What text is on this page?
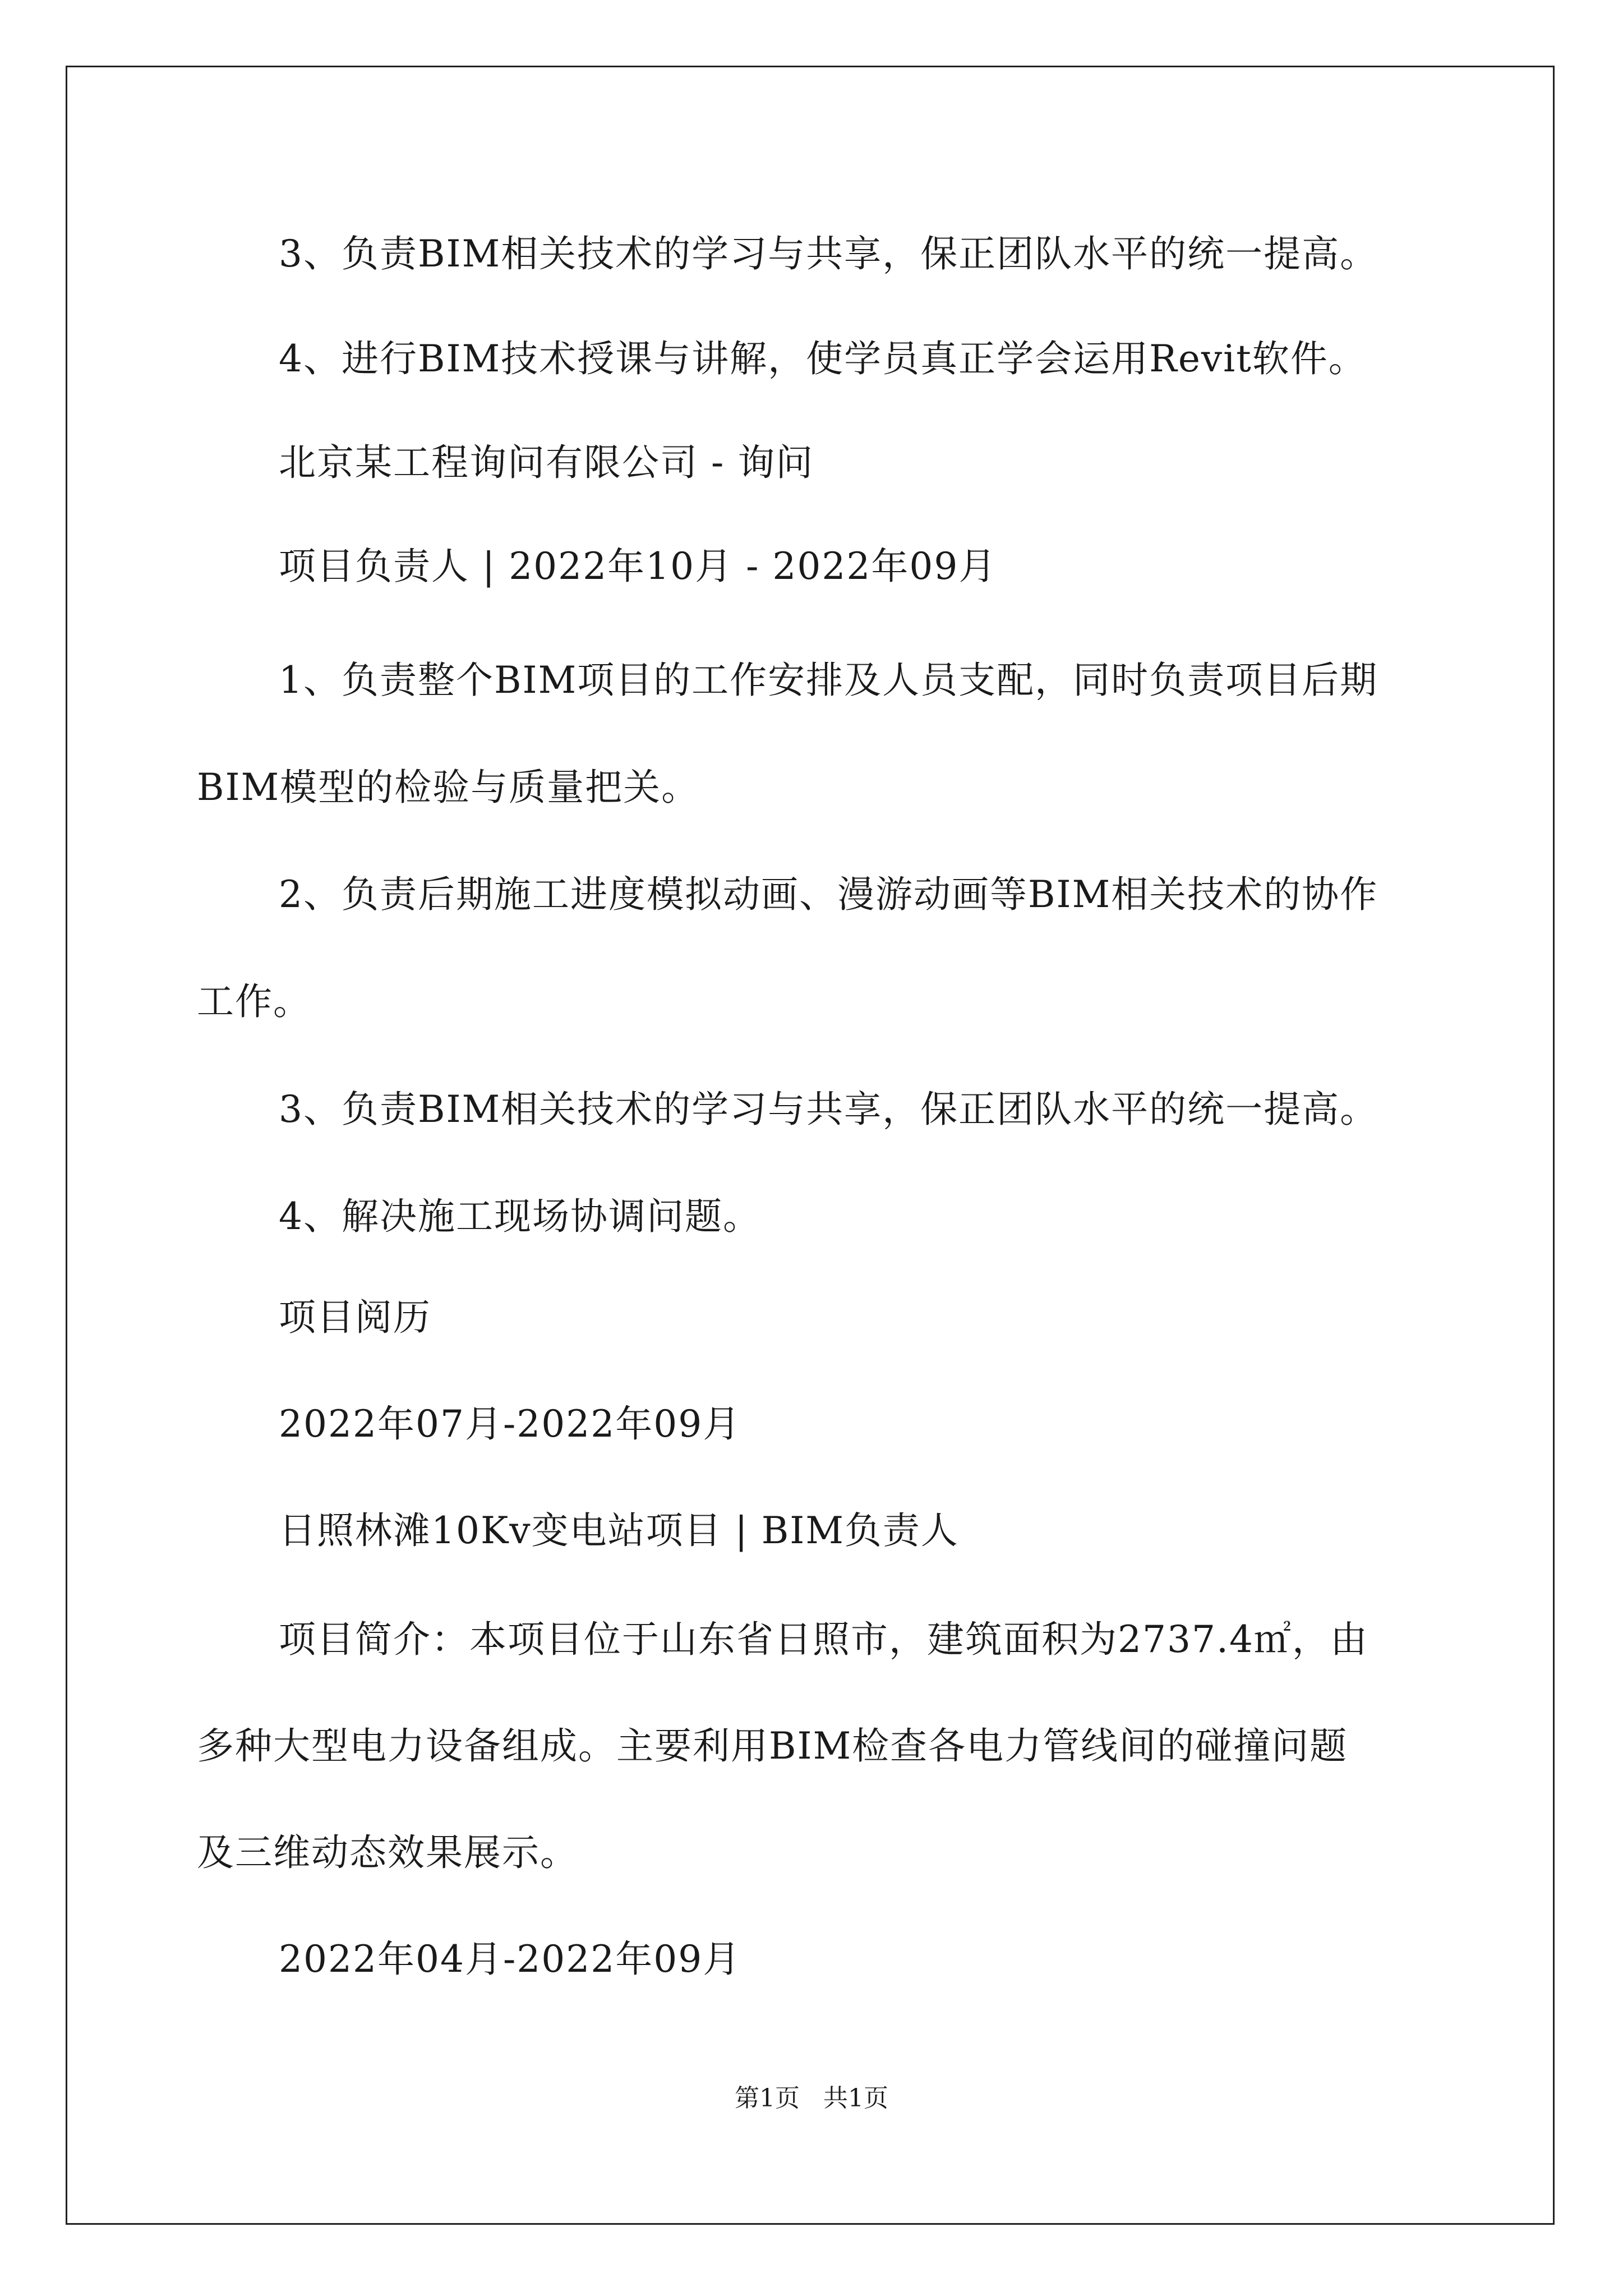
3、负责BIM相关技术的学习与共享，保正团队水平的统一提高。
4、进行BIM技术授课与讲解，使学员真正学会运用Revit软件。
北京某工程询问有限公司 - 询问
项目负责人 | 2022年10月 - 2022年09月
1、负责整个BIM项目的工作安排及人员支配，同时负责项目后期
BIM模型的检验与质量把关。
2、负责后期施工进度模拟动画、漫游动画等BIM相关技术的协作
工作。
3、负责BIM相关技术的学习与共享，保正团队水平的统一提高。
4、解决施工现场协调问题。
项目阅历
2022年07月-2022年09月
日照林滩10Kv变电站项目 | BIM负责人
项目简介：本项目位于山东省日照市，建筑面积为2737.4㎡，由
多种大型电力设备组成。主要利用BIM检查各电力管线间的碰撞问题
及三维动态效果展示。
2022年04月-2022年09月
第1页   共1页
